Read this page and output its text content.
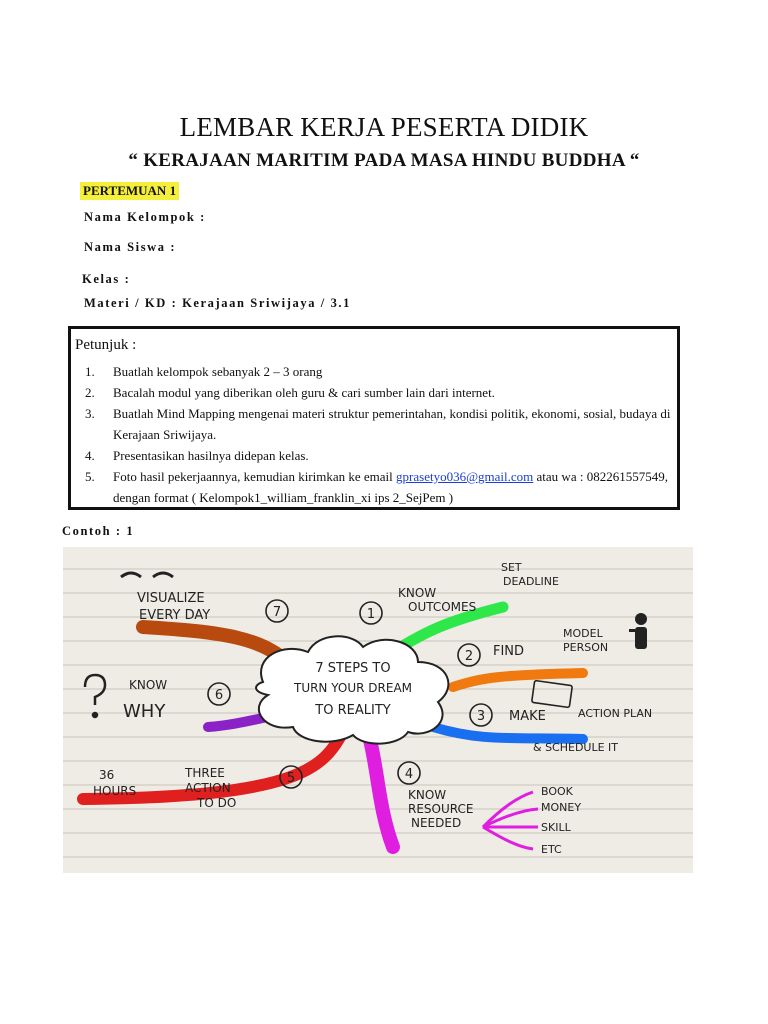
LEMBAR KERJA PESERTA DIDIK
“ KERAJAAN MARITIM PADA MASA HINDU BUDDHA “
PERTEMUAN 1
Nama Kelompok :
Nama Siswa :
Kelas :
Materi / KD : Kerajaan Sriwijaya / 3.1
Petunjuk :
1. Buatlah kelompok sebanyak 2 – 3 orang
2. Bacalah modul yang diberikan oleh guru & cari sumber lain dari internet.
3. Buatlah Mind Mapping mengenai materi struktur pemerintahan, kondisi politik, ekonomi, sosial, budaya di Kerajaan Sriwijaya.
4. Presentasikan hasilnya didepan kelas.
5. Foto hasil pekerjaannya, kemudian kirimkan ke email gprasetyo036@gmail.com atau wa : 082261557549, dengan format ( Kelompok1_william_franklin_xi ips 2_SejPem )
Contoh : 1
7 STEPS TO
TURN YOUR DREAM
TO REALITY
1
2
3
4
5
6
7
KNOW
OUTCOMES
FIND
MAKE
KNOW
RESOURCE
NEEDED
THREE
ACTION
TO DO
KNOW
WHY
VISUALIZE
EVERY DAY
SET
DEADLINE
MODEL
PERSON
ACTION PLAN
& SCHEDULE IT
36
HOURS	BOOK
MONEY
SKILL
ETC
